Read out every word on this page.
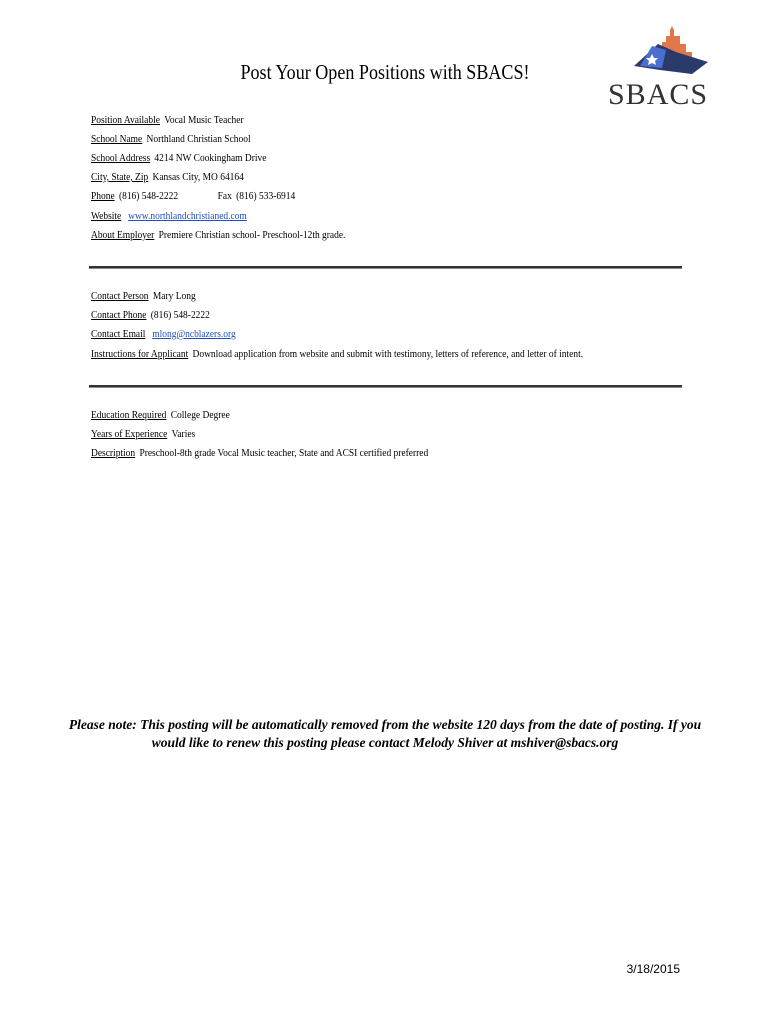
Post Your Open Positions with SBACS!
SBACS
Position Available Vocal Music Teacher
School Name Northland Christian School
School Address 4214 NW Cookingham Drive
City, State, Zip Kansas City, MO 64164
Phone (816) 548-2222	Fax (816) 533-6914
Website www.northlandchristianed.com
About Employer Premiere Christian school- Preschool-12th grade.
Contact Person Mary Long
Contact Phone (816) 548-2222
Contact Email mlong@ncblazers.org
Instructions for Applicant Download application from website and submit with testimony, letters of reference, and letter of intent.
Education Required College Degree
Years of Experience Varies
Description Preschool-8th grade Vocal Music teacher, State and ACSI certified preferred
Please note: This posting will be automatically removed from the website 120 days from the date of posting. If you would like to renew this posting please contact Melody Shiver at mshiver@sbacs.org
3/18/2015
